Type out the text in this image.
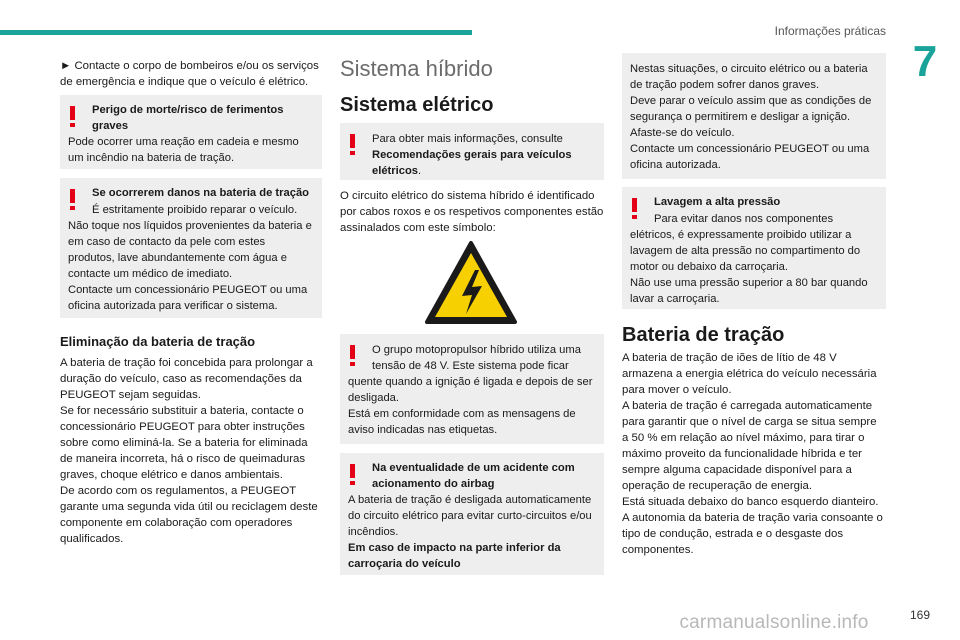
Informações práticas
7

► Contacte o corpo de bombeiros e/ou os serviços de emergência e indique que o veículo é elétrico.

Perigo de morte/risco de ferimentos graves
Pode ocorrer uma reação em cadeia e mesmo um incêndio na bateria de tração.
Se ocorrerem danos na bateria de tração
É estritamente proibido reparar o veículo.
Não toque nos líquidos provenientes da bateria e em caso de contacto da pele com estes produtos, lave abundantemente com água e contacte um médico de imediato.
Contacte um concessionário PEUGEOT ou uma oficina autorizada para verificar o sistema.
Eliminação da bateria de tração

A bateria de tração foi concebida para prolongar a duração do veículo, caso as recomendações da PEUGEOT sejam seguidas.
Se for necessário substituir a bateria, contacte o concessionário PEUGEOT para obter instruções sobre como eliminá-la. Se a bateria for eliminada de maneira incorreta, há o risco de queimaduras graves, choque elétrico e danos ambientais.
De acordo com os regulamentos, a PEUGEOT garante uma segunda vida útil ou reciclagem deste componente em colaboração com operadores qualificados.

Sistema híbrido
Sistema elétrico
Para obter mais informações, consulte
Recomendações gerais para veículos elétricos.

O circuito elétrico do sistema híbrido é identificado por cabos roxos e os respetivos componentes estão assinalados com este símbolo:

O grupo motopropulsor híbrido utiliza uma
tensão de 48 V. Este sistema pode ficar
quente quando a ignição é ligada e depois de ser desligada.
Está em conformidade com as mensagens de aviso indicadas nas etiquetas.
Na eventualidade de um acidente com acionamento do airbag
A bateria de tração é desligada automaticamente do circuito elétrico para evitar curto-circuitos e/ou incêndios.
Em caso de impacto na parte inferior da carroçaria do veículo
Nestas situações, o circuito elétrico ou a bateria de tração podem sofrer danos graves.
Deve parar o veículo assim que as condições de segurança o permitirem e desligar a ignição.
Afaste-se do veículo.
Contacte um concessionário PEUGEOT ou uma oficina autorizada.
Lavagem a alta pressão
Para evitar danos nos componentes
elétricos, é expressamente proibido utilizar a lavagem de alta pressão no compartimento do motor ou debaixo da carroçaria.
Não use uma pressão superior a 80 bar quando lavar a carroçaria.
Bateria de tração

A bateria de tração de iões de lítio de 48 V armazena a energia elétrica do veículo necessária para mover o veículo.
A bateria de tração é carregada automaticamente para garantir que o nível de carga se situa sempre a 50 % em relação ao nível máximo, para tirar o máximo proveito da funcionalidade híbrida e ter sempre alguma capacidade disponível para a operação de recuperação de energia.
Está situada debaixo do banco esquerdo dianteiro.
A autonomia da bateria de tração varia consoante o tipo de condução, estrada e o desgaste dos componentes.

carmanualsonline.info	169
